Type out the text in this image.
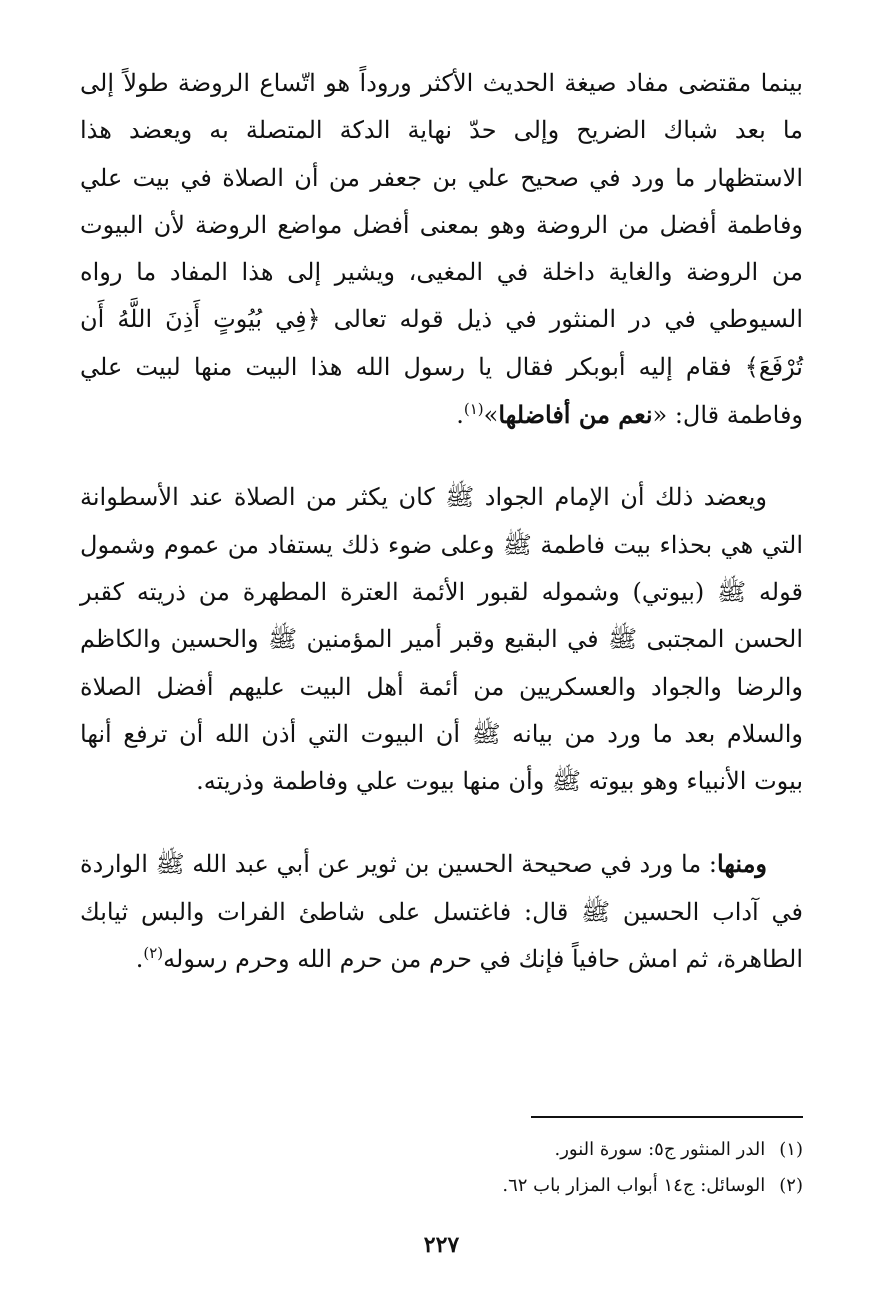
بينما مقتضى مفاد صيغة الحديث الأكثر وروداً هو اتّساع الروضة طولاً إلى ما بعد شباك الضريح وإلى حدّ نهاية الدكة المتصلة به ويعضد هذا الاستظهار ما ورد في صحيح علي بن جعفر من أن الصلاة في بيت علي وفاطمة أفضل من الروضة وهو بمعنى أفضل مواضع الروضة لأن البيوت من الروضة والغاية داخلة في المغيى، ويشير إلى هذا المفاد ما رواه السيوطي في در المنثور في ذيل قوله تعالى ﴿فِي بُيُوتٍ أَذِنَ اللَّهُ أَن تُرْفَعَ﴾ فقام إليه أبوبكر فقال يا رسول الله هذا البيت منها لبيت علي وفاطمة قال: «نعم من أفاضلها»$^{(١)}$.

ويعضد ذلك أن الإمام الجواد ﷺ كان يكثر من الصلاة عند الأسطوانة التي هي بحذاء بيت فاطمة ﷺ وعلى ضوء ذلك يستفاد من عموم وشمول قوله ﷺ (بيوتي) وشموله لقبور الأئمة العترة المطهرة من ذريته كقبر الحسن المجتبى ﷺ في البقيع وقبر أمير المؤمنين ﷺ والحسين والكاظم والرضا والجواد والعسكريين من أئمة أهل البيت عليهم أفضل الصلاة والسلام بعد ما ورد من بيانه ﷺ أن البيوت التي أذن الله أن ترفع أنها بيوت الأنبياء وهو بيوته ﷺ وأن منها بيوت علي وفاطمة وذريته.

ومنها: ما ورد في صحيحة الحسين بن ثوير عن أبي عبد الله ﷺ الواردة في آداب الحسين ﷺ قال: فاغتسل على شاطئ الفرات والبس ثيابك الطاهرة، ثم امش حافياً فإنك في حرم من حرم الله وحرم رسوله$^{(٢)}$.

(١) الدر المنثور ج٥: سورة النور.

(٢) الوسائل: ج١٤ أبواب المزار باب ٦٢.

٢٢٧
